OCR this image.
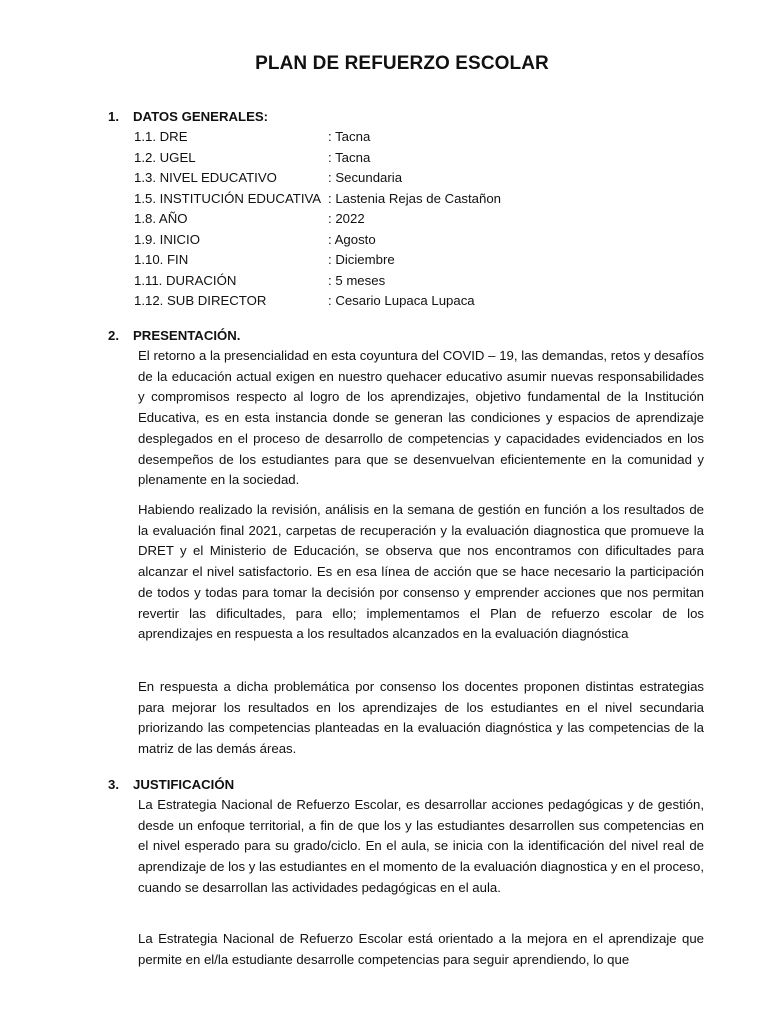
PLAN DE REFUERZO ESCOLAR
1. DATOS GENERALES:
1.1. DRE	: Tacna
1.2. UGEL	: Tacna
1.3. NIVEL EDUCATIVO	: Secundaria
1.5. INSTITUCIÓN EDUCATIVA : Lastenia Rejas de Castañon
1.8. AÑO	: 2022
1.9. INICIO	: Agosto
1.10. FIN	: Diciembre
1.11. DURACIÓN	: 5 meses
1.12. SUB DIRECTOR	: Cesario Lupaca Lupaca
2. PRESENTACIÓN.

El retorno a la presencialidad en esta coyuntura del COVID – 19, las demandas, retos y desafíos de la educación actual exigen en nuestro quehacer educativo asumir nuevas responsabilidades y compromisos respecto al logro de los aprendizajes, objetivo fundamental de la Institución Educativa, es en esta instancia donde se generan las condiciones y espacios de aprendizaje desplegados en el proceso de desarrollo de competencias y capacidades evidenciados en los desempeños de los estudiantes para que se desenvuelvan eficientemente en la comunidad y plenamente en la sociedad.

Habiendo realizado la revisión, análisis en la semana de gestión en función a los resultados de la evaluación final 2021, carpetas de recuperación y la evaluación diagnostica que promueve la DRET y el Ministerio de Educación, se observa que nos encontramos con dificultades para alcanzar el nivel satisfactorio. Es en esa línea de acción que se hace necesario la participación de todos y todas para tomar la decisión por consenso y emprender acciones que nos permitan revertir las dificultades, para ello; implementamos el Plan de refuerzo escolar de los aprendizajes en respuesta a los resultados alcanzados en la evaluación diagnóstica

En respuesta a dicha problemática por consenso los docentes proponen distintas estrategias para mejorar los resultados en los aprendizajes de los estudiantes en el nivel secundaria priorizando las competencias planteadas en la evaluación diagnóstica y las competencias de la matriz de las demás áreas.

3. JUSTIFICACIÓN

La Estrategia Nacional de Refuerzo Escolar, es desarrollar acciones pedagógicas y de gestión, desde un enfoque territorial, a fin de que los y las estudiantes desarrollen sus competencias en el nivel esperado para su grado/ciclo. En el aula, se inicia con la identificación del nivel real de aprendizaje de los y las estudiantes en el momento de la evaluación diagnostica y en el proceso, cuando se desarrollan las actividades pedagógicas en el aula.

La Estrategia Nacional de Refuerzo Escolar está orientado a la mejora en el aprendizaje que permite en el/la estudiante desarrolle competencias para seguir aprendiendo, lo que
